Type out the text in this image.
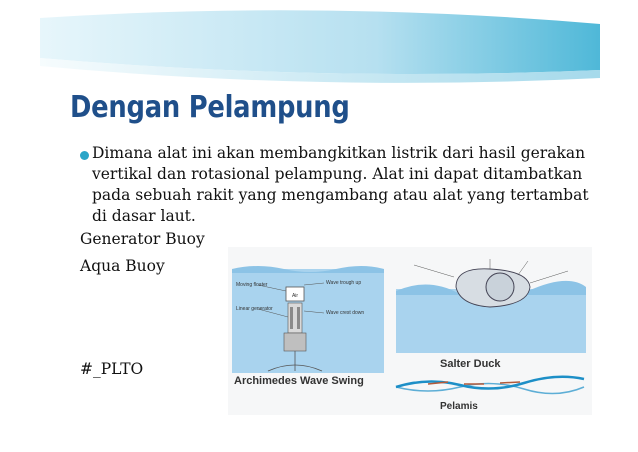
Dengan Pelampung

Dimana alat ini akan membangkitkan listrik dari hasil gerakan vertikal dan rotasional pelampung. Alat ini dapat ditambatkan pada sebuah rakit yang mengambang atau alat yang tertambat di dasar laut.

Generator Buoy

Aqua Buoy

#_PLTO

Air
Moving floater
Linear generator
Wave trough up
Wave crest down
Archimedes Wave Swing
Salter Duck
Pelamis
